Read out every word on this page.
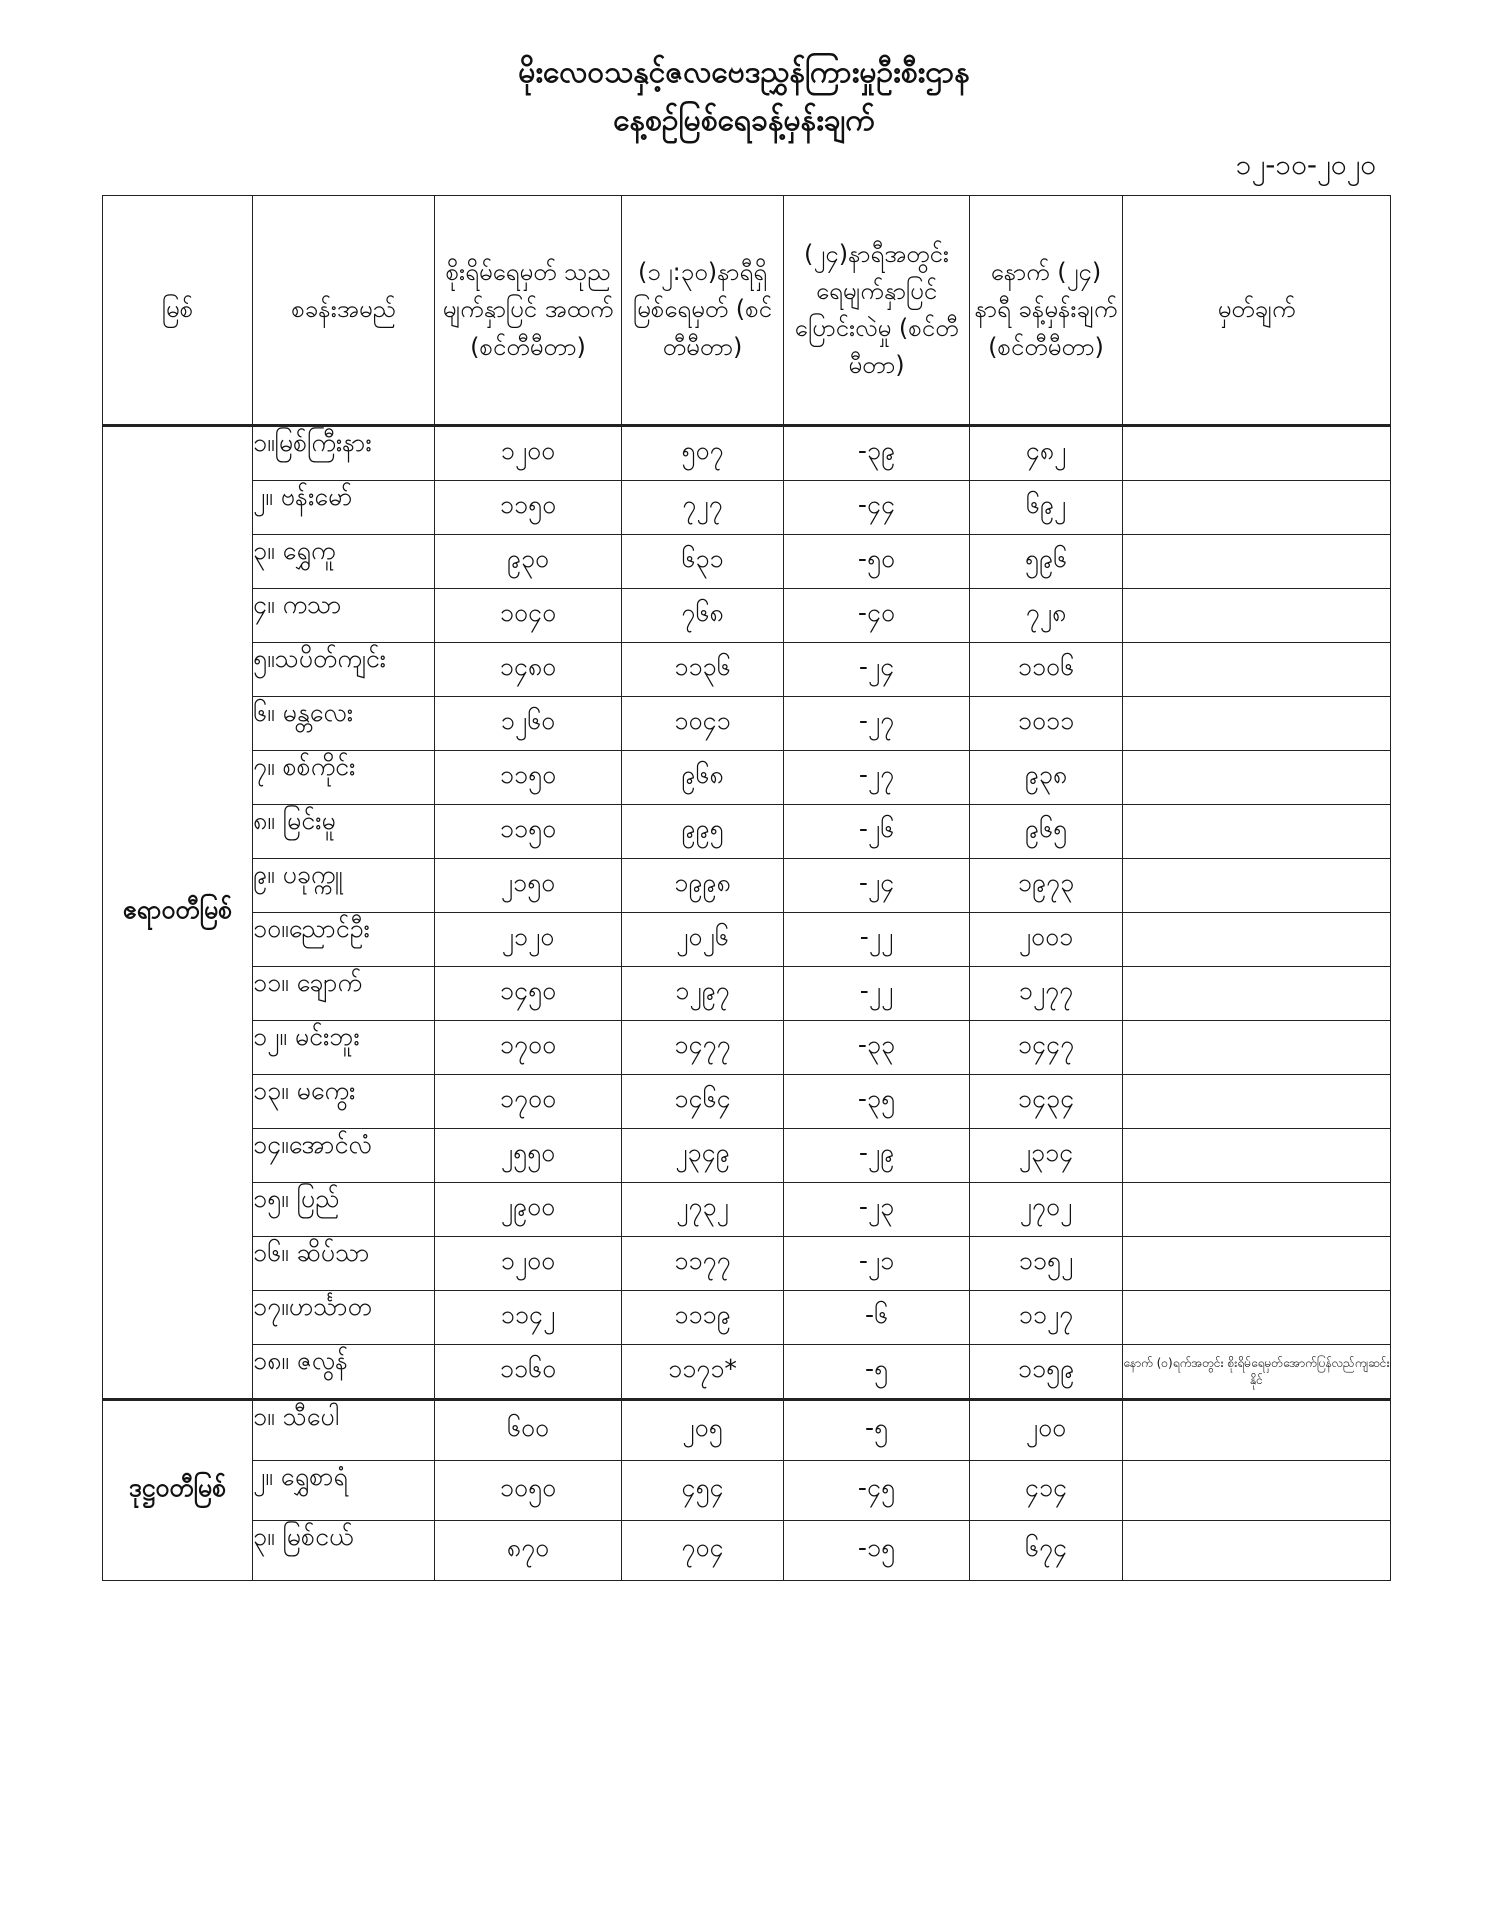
မိုးလေဝသနှင့်ဇလဗေဒညွှန်ကြားမှုဦးစီးဌာန
နေ့စဉ်မြစ်ရေခန့်မှန်းချက်
၁၂-၁၀-၂၀၂၀
မြစ်	စခန်းအမည်	စိုးရိမ်ရေမှတ် သုညမျက်နှာပြင် အထက် (စင်တီမီတာ)	(၁၂:၃၀)နာရီရှိ မြစ်ရေမှတ် (စင်တီမီတာ)	(၂၄)နာရီအတွင်း ရေမျက်နှာပြင် ပြောင်းလဲမှု (စင်တီမီတာ)	နောက် (၂၄) နာရီ ခန့်မှန်းချက် (စင်တီမီတာ)	မှတ်ချက်
ဧရာဝတီမြစ်	၁။မြစ်ကြီးနား	၁၂၀၀	၅၀၇	-၃၉	၄၈၂	
	၂။ ဗန်းမော်	၁၁၅၀	၇၂၇	-၄၄	၆၉၂	
	၃။ ရွှေကူ	၉၃၀	၆၃၁	-၅၀	၅၉၆	
	၄။ ကသာ	၁၀၄၀	၇၆၈	-၄၀	၇၂၈	
	၅။သပိတ်ကျင်း	၁၄၈၀	၁၁၃၆	-၂၄	၁၁၀၆	
	၆။ မန္တလေး	၁၂၆၀	၁၀၄၁	-၂၇	၁၀၁၁	
	၇။ စစ်ကိုင်း	၁၁၅၀	၉၆၈	-၂၇	၉၃၈	
	၈။ မြင်းမူ	၁၁၅၀	၉၉၅	-၂၆	၉၆၅	
	၉။ ပခုက္ကူ	၂၁၅၀	၁၉၉၈	-၂၄	၁၉၇၃	
	၁၀။ညောင်ဦး	၂၁၂၀	၂၀၂၆	-၂၂	၂၀၀၁	
	၁၁။ ချောက်	၁၄၅၀	၁၂၉၇	-၂၂	၁၂၇၇	
	၁၂။ မင်းဘူး	၁၇၀၀	၁၄၇၇	-၃၃	၁၄၄၇	
	၁၃။ မကွေး	၁၇၀၀	၁၄၆၄	-၃၅	၁၄၃၄	
	၁၄။အောင်လံ	၂၅၅၀	၂၃၄၉	-၂၉	၂၃၁၄	
	၁၅။ ပြည်	၂၉၀၀	၂၇၃၂	-၂၃	၂၇၀၂	
	၁၆။ ဆိပ်သာ	၁၂၀၀	၁၁၇၇	-၂၁	၁၁၅၂	
	၁၇။ဟင်္သာတ	၁၁၄၂	၁၁၁၉	-၆	၁၁၂၇	
	၁၈။ ဇလွန်	၁၁၆၀	၁၁၇၁*	-၅	၁၁၅၉	နောက် (၀)ရက်အတွင်း စိုးရိမ်ရေမှတ်အောက်ပြန်လည်ကျဆင်းနိုင်
ဒုဋ္ဌဝတီမြစ်	၁။ သီပေါ	၆၀၀	၂၀၅	-၅	၂၀၀	
	၂။ ရွှေစာရံ	၁၀၅၀	၄၅၄	-၄၅	၄၁၄	
	၃။ မြစ်ငယ်	၈၇၀	၇၀၄	-၁၅	၆၇၄	
